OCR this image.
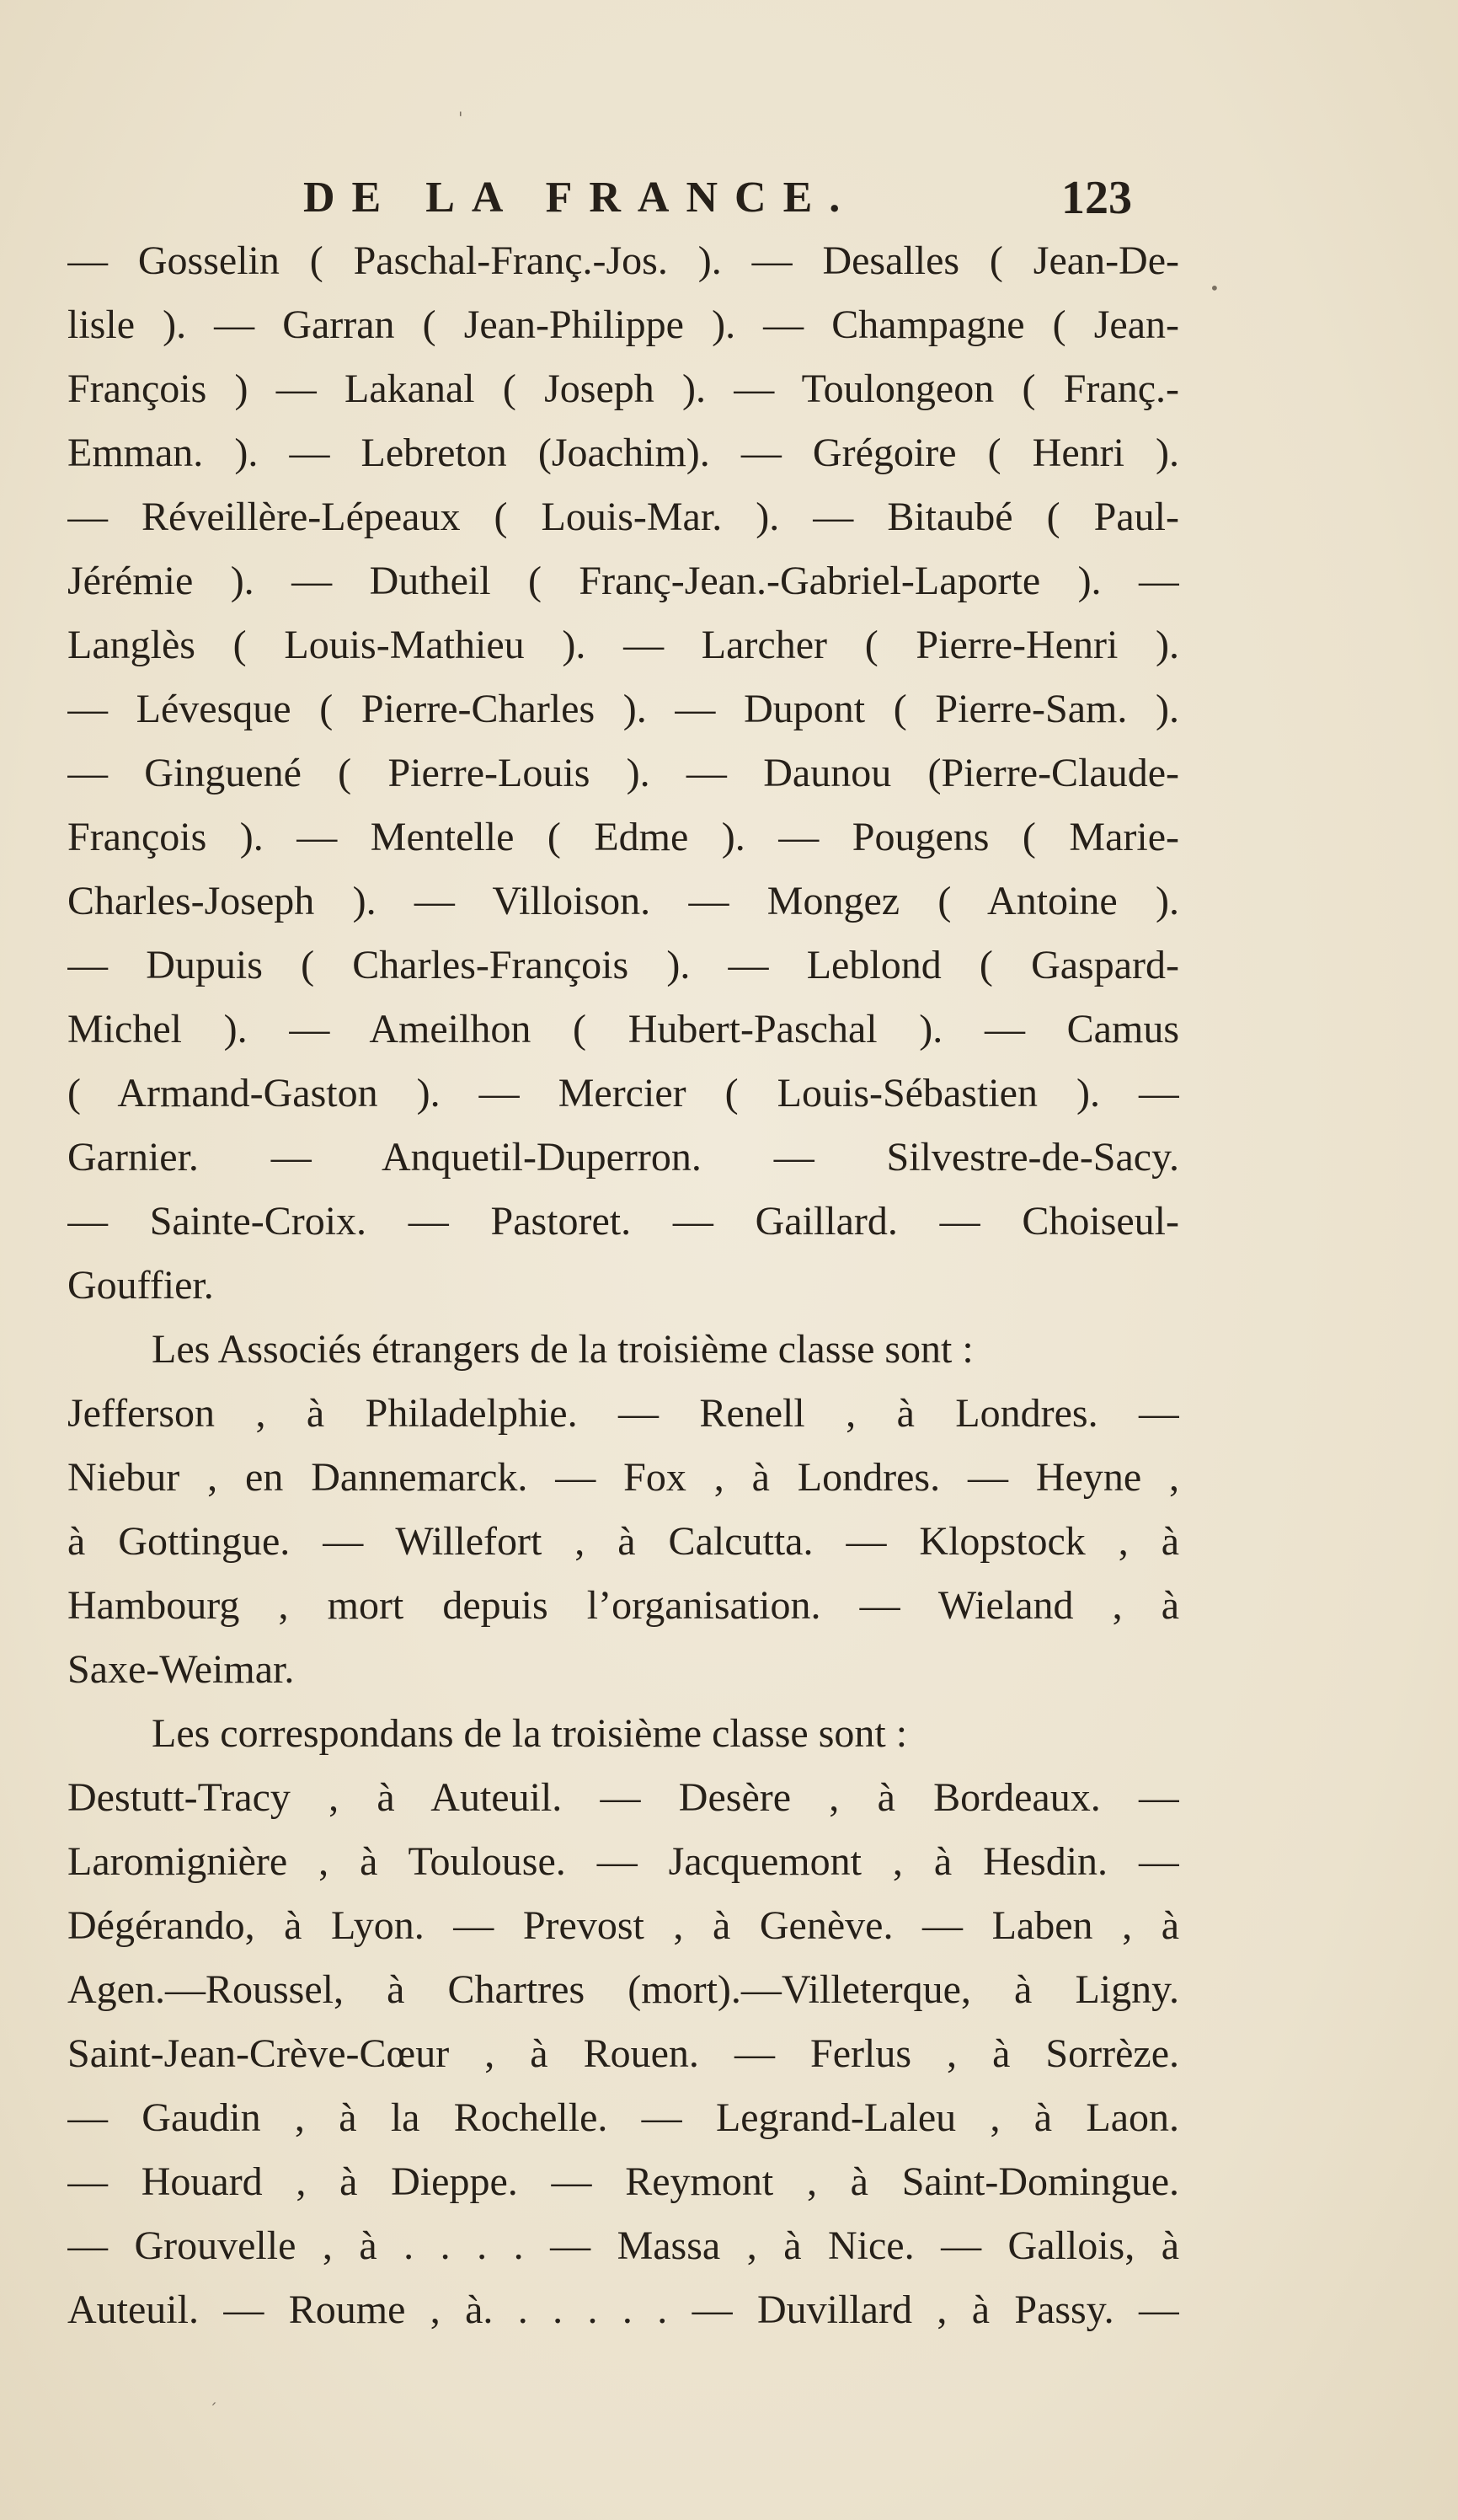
•
'
ˊ
DE LA FRANCE.	123
— Gosselin ( Paschal-Franç.-Jos. ). — Desalles ( Jean-De-
lisle ). — Garran ( Jean-Philippe ). — Champagne ( Jean-
François ) — Lakanal ( Joseph ). — Toulongeon ( Franç.-
Emman. ). — Lebreton (Joachim). — Grégoire ( Henri ).
— Réveillère-Lépeaux ( Louis-Mar. ). — Bitaubé ( Paul-
Jérémie ). — Dutheil ( Franç-Jean.-Gabriel-Laporte ). —
Langlès ( Louis-Mathieu ). — Larcher ( Pierre-Henri ).
— Lévesque ( Pierre-Charles ). — Dupont ( Pierre-Sam. ).
— Ginguené ( Pierre-Louis ). — Daunou (Pierre-Claude-
François ). — Mentelle ( Edme ). — Pougens ( Marie-
Charles-Joseph ). — Villoison. — Mongez ( Antoine ).
— Dupuis ( Charles-François ). — Leblond ( Gaspard-
Michel ). — Ameilhon ( Hubert-Paschal ). — Camus
( Armand-Gaston ). — Mercier ( Louis-Sébastien ). —
Garnier. — Anquetil-Duperron. — Silvestre-de-Sacy.
— Sainte-Croix. — Pastoret. — Gaillard. — Choiseul-
Gouffier.
Les Associés étrangers de la troisième classe sont :
Jefferson , à Philadelphie. — Renell , à Londres. —
Niebur , en Dannemarck. — Fox , à Londres. — Heyne ,
à Gottingue. — Willefort , à Calcutta. — Klopstock , à
Hambourg , mort depuis l’organisation. — Wieland , à
Saxe-Weimar.
Les correspondans de la troisième classe sont :
Destutt-Tracy , à Auteuil. — Desère , à Bordeaux. —
Laromignière , à Toulouse. — Jacquemont , à Hesdin. —
Dégérando, à Lyon. — Prevost , à Genève. — Laben , à
Agen.—Roussel, à Chartres (mort).—Villeterque, à Ligny.
Saint-Jean-Crève-Cœur , à Rouen. — Ferlus , à Sorrèze.
— Gaudin , à la Rochelle. — Legrand-Laleu , à Laon.
— Houard , à Dieppe. — Reymont , à Saint-Domingue.
— Grouvelle , à . . . . — Massa , à Nice. — Gallois, à
Auteuil. — Roume , à. . . . . . — Duvillard , à Passy. —
